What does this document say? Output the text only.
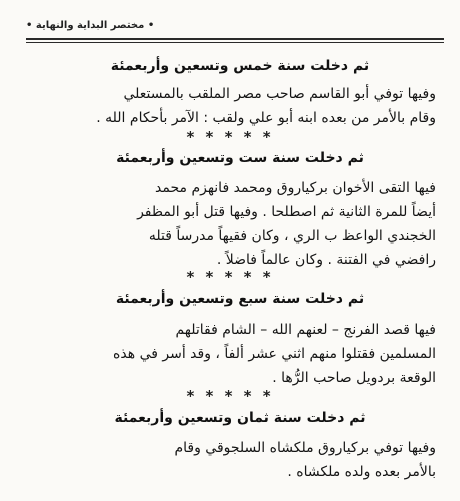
• مختصر البداية والنهاية •
ثم دخلت سنة خمس وتسعين وأربعمئة
وفيها توفي أبو القاسم صاحب مصر الملقب بالمستعلي
وقام بالأمر من بعده ابنه أبو علي ولقب : الآمر بأحكام الله .
* * * * *
ثم دخلت سنة ست وتسعين وأربعمئة
فيها التقى الأخوان بركياروق ومحمد فانهزم محمد
أيضاً للمرة الثانية ثم اصطلحا . وفيها قتل أبو المظفر
الخجندي الواعظ ب الري ، وكان فقيهاً مدرساً قتله
رافضي في الفتنة . وكان عالماً فاضلاً .
* * * * *
ثم دخلت سنة سبع وتسعين وأربعمئة
فيها قصد الفرنج – لعنهم الله – الشام فقاتلهم
المسلمين فقتلوا منهم اثني عشر ألفاً ، وقد أسر في هذه
الوقعة بردويل صاحب الرُّها .
* * * * *
ثم دخلت سنة ثمان وتسعين وأربعمئة
وفيها توفي بركياروق ملكشاه السلجوقي وقام
بالأمر بعده ولده ملكشاه .
